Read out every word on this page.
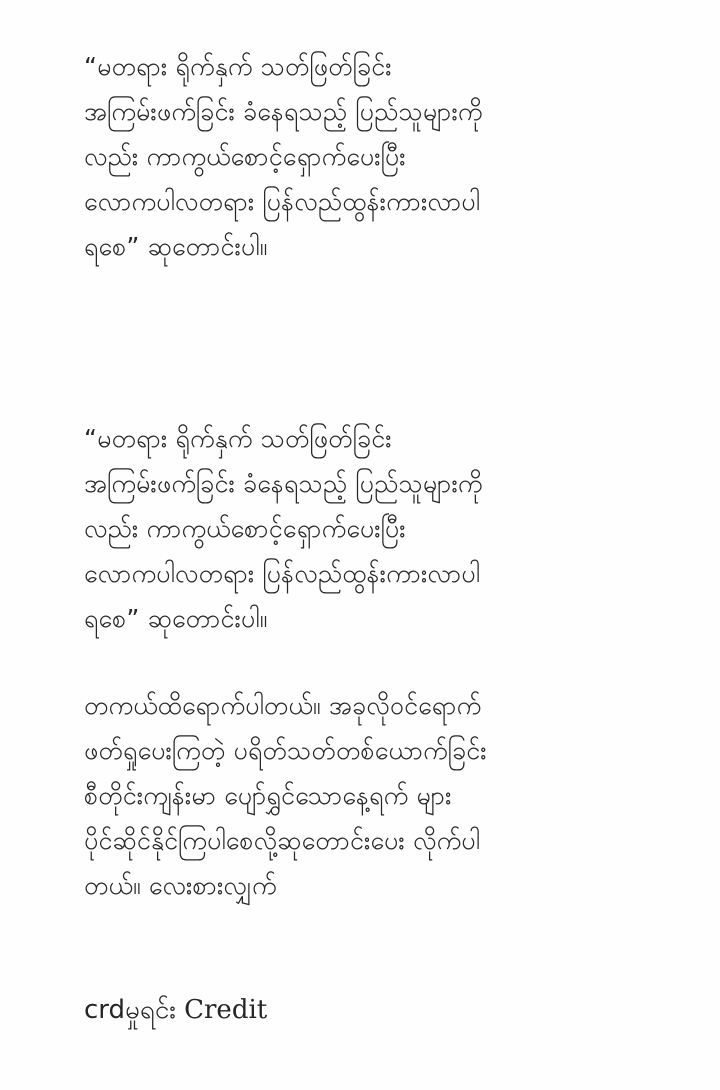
“မတရား ရိုက်နှက် သတ်ဖြတ်ခြင်း
အကြမ်းဖက်ခြင်း ခံနေရသည့် ပြည်သူများကို
လည်း ကာကွယ်စောင့်ရှောက်ပေးပြီး
လောကပါလတရား ပြန်လည်ထွန်းကားလာပါ
ရစေ” ဆုတောင်းပါ။

“မတရား ရိုက်နှက် သတ်ဖြတ်ခြင်း
အကြမ်းဖက်ခြင်း ခံနေရသည့် ပြည်သူများကို
လည်း ကာကွယ်စောင့်ရှောက်ပေးပြီး
လောကပါလတရား ပြန်လည်ထွန်းကားလာပါ
ရစေ” ဆုတောင်းပါ။

တကယ်ထိရောက်ပါတယ်။ အခုလိုဝင်ရောက်
ဖတ်ရှုပေးကြတဲ့ ပရိတ်သတ်တစ်ယောက်ခြင်း
စီတိုင်းကျန်းမာ ပျော်ရွှင်သောနေ့ရက် များ
ပိုင်ဆိုင်နိုင်ကြပါစေလို့ဆုတောင်းပေး လိုက်ပါ
တယ်။ လေးစားလျှက်

crdမှုရင်း Credit
